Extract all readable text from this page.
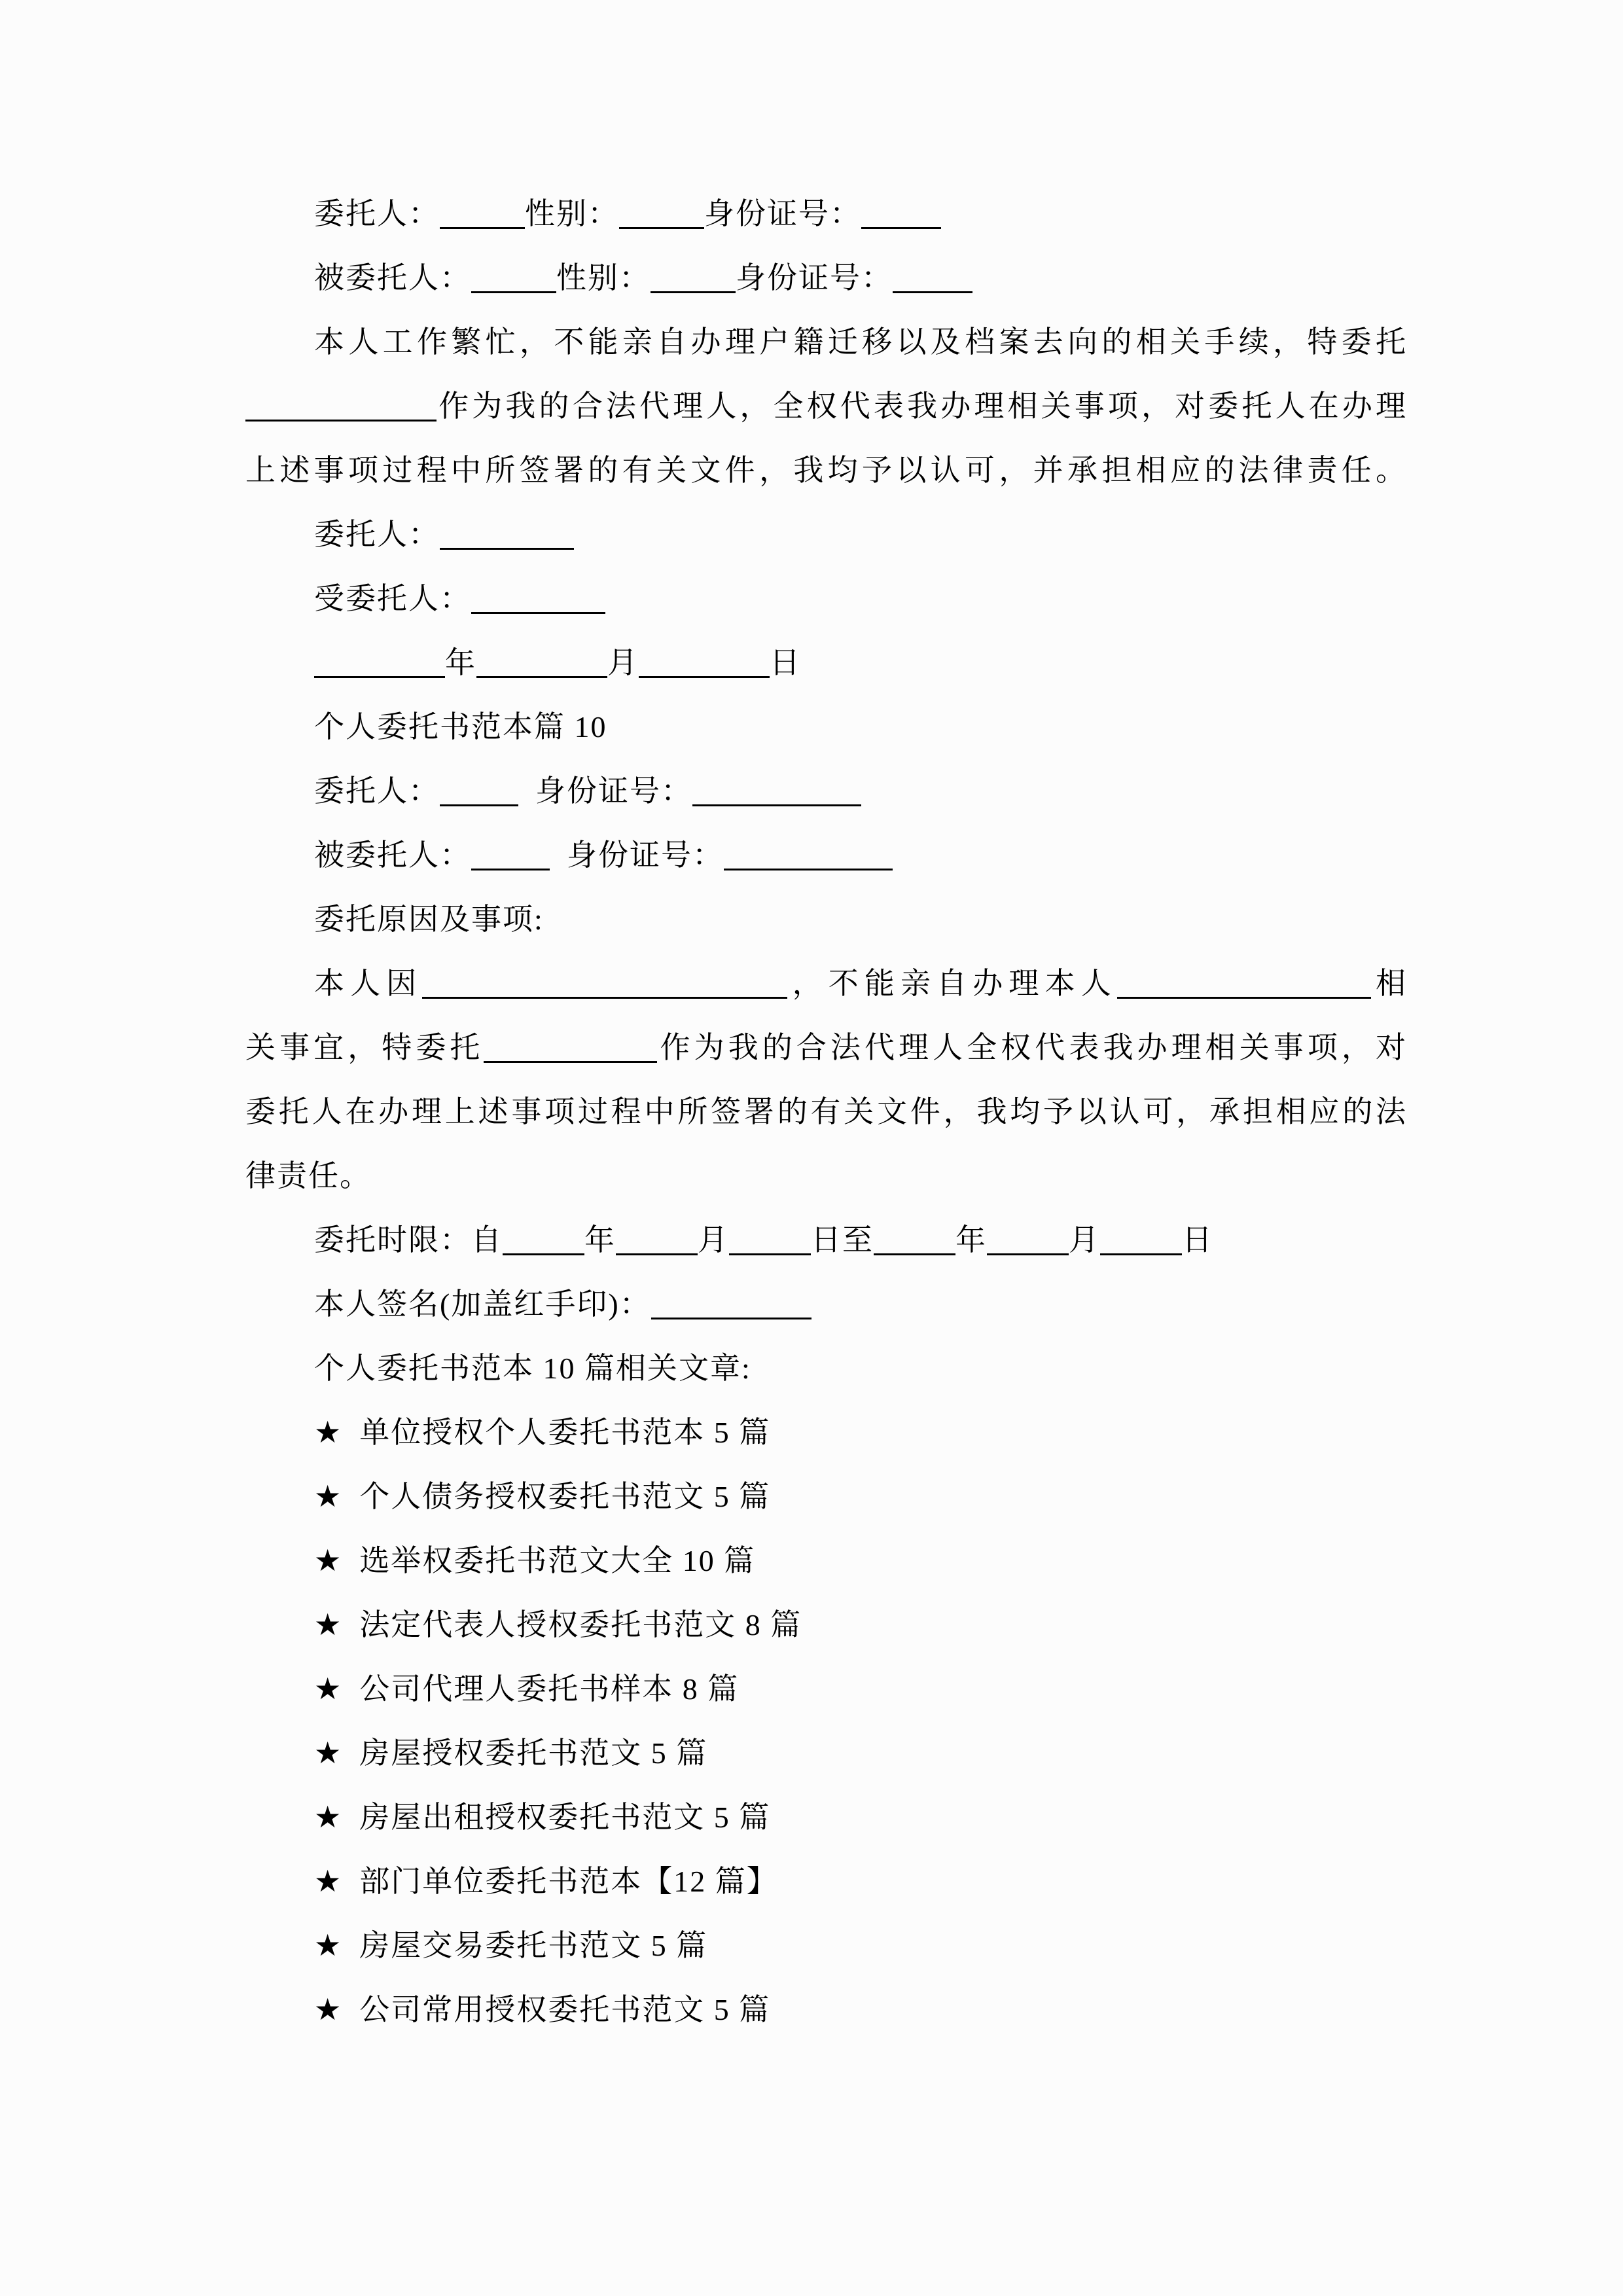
委托人：	性别：	身份证号：
被委托人：	性别：	身份证号：
本人工作繁忙，不能亲自办理户籍迁移以及档案去向的相关手续，特委托
作为我的合法代理人，全权代表我办理相关事项，对委托人在办理
上述事项过程中所签署的有关文件，我均予以认可，并承担相应的法律责任。
委托人：
受委托人：
年	月	日
个人委托书范本篇 10
委托人：	身份证号：
被委托人：	身份证号：
委托原因及事项:
本人因	，不能亲自办理本人	相
关事宜，特委托	作为我的合法代理人全权代表我办理相关事项，对
委托人在办理上述事项过程中所签署的有关文件，我均予以认可，承担相应的法
律责任。
委托时限：自	年	月	日至	年	月	日
本人签名(加盖红手印)：
个人委托书范本 10 篇相关文章:
★ 单位授权个人委托书范本 5 篇
★ 个人债务授权委托书范文 5 篇
★ 选举权委托书范文大全 10 篇
★ 法定代表人授权委托书范文 8 篇
★ 公司代理人委托书样本 8 篇
★ 房屋授权委托书范文 5 篇
★ 房屋出租授权委托书范文 5 篇
★ 部门单位委托书范本【12 篇】
★ 房屋交易委托书范文 5 篇
★ 公司常用授权委托书范文 5 篇
